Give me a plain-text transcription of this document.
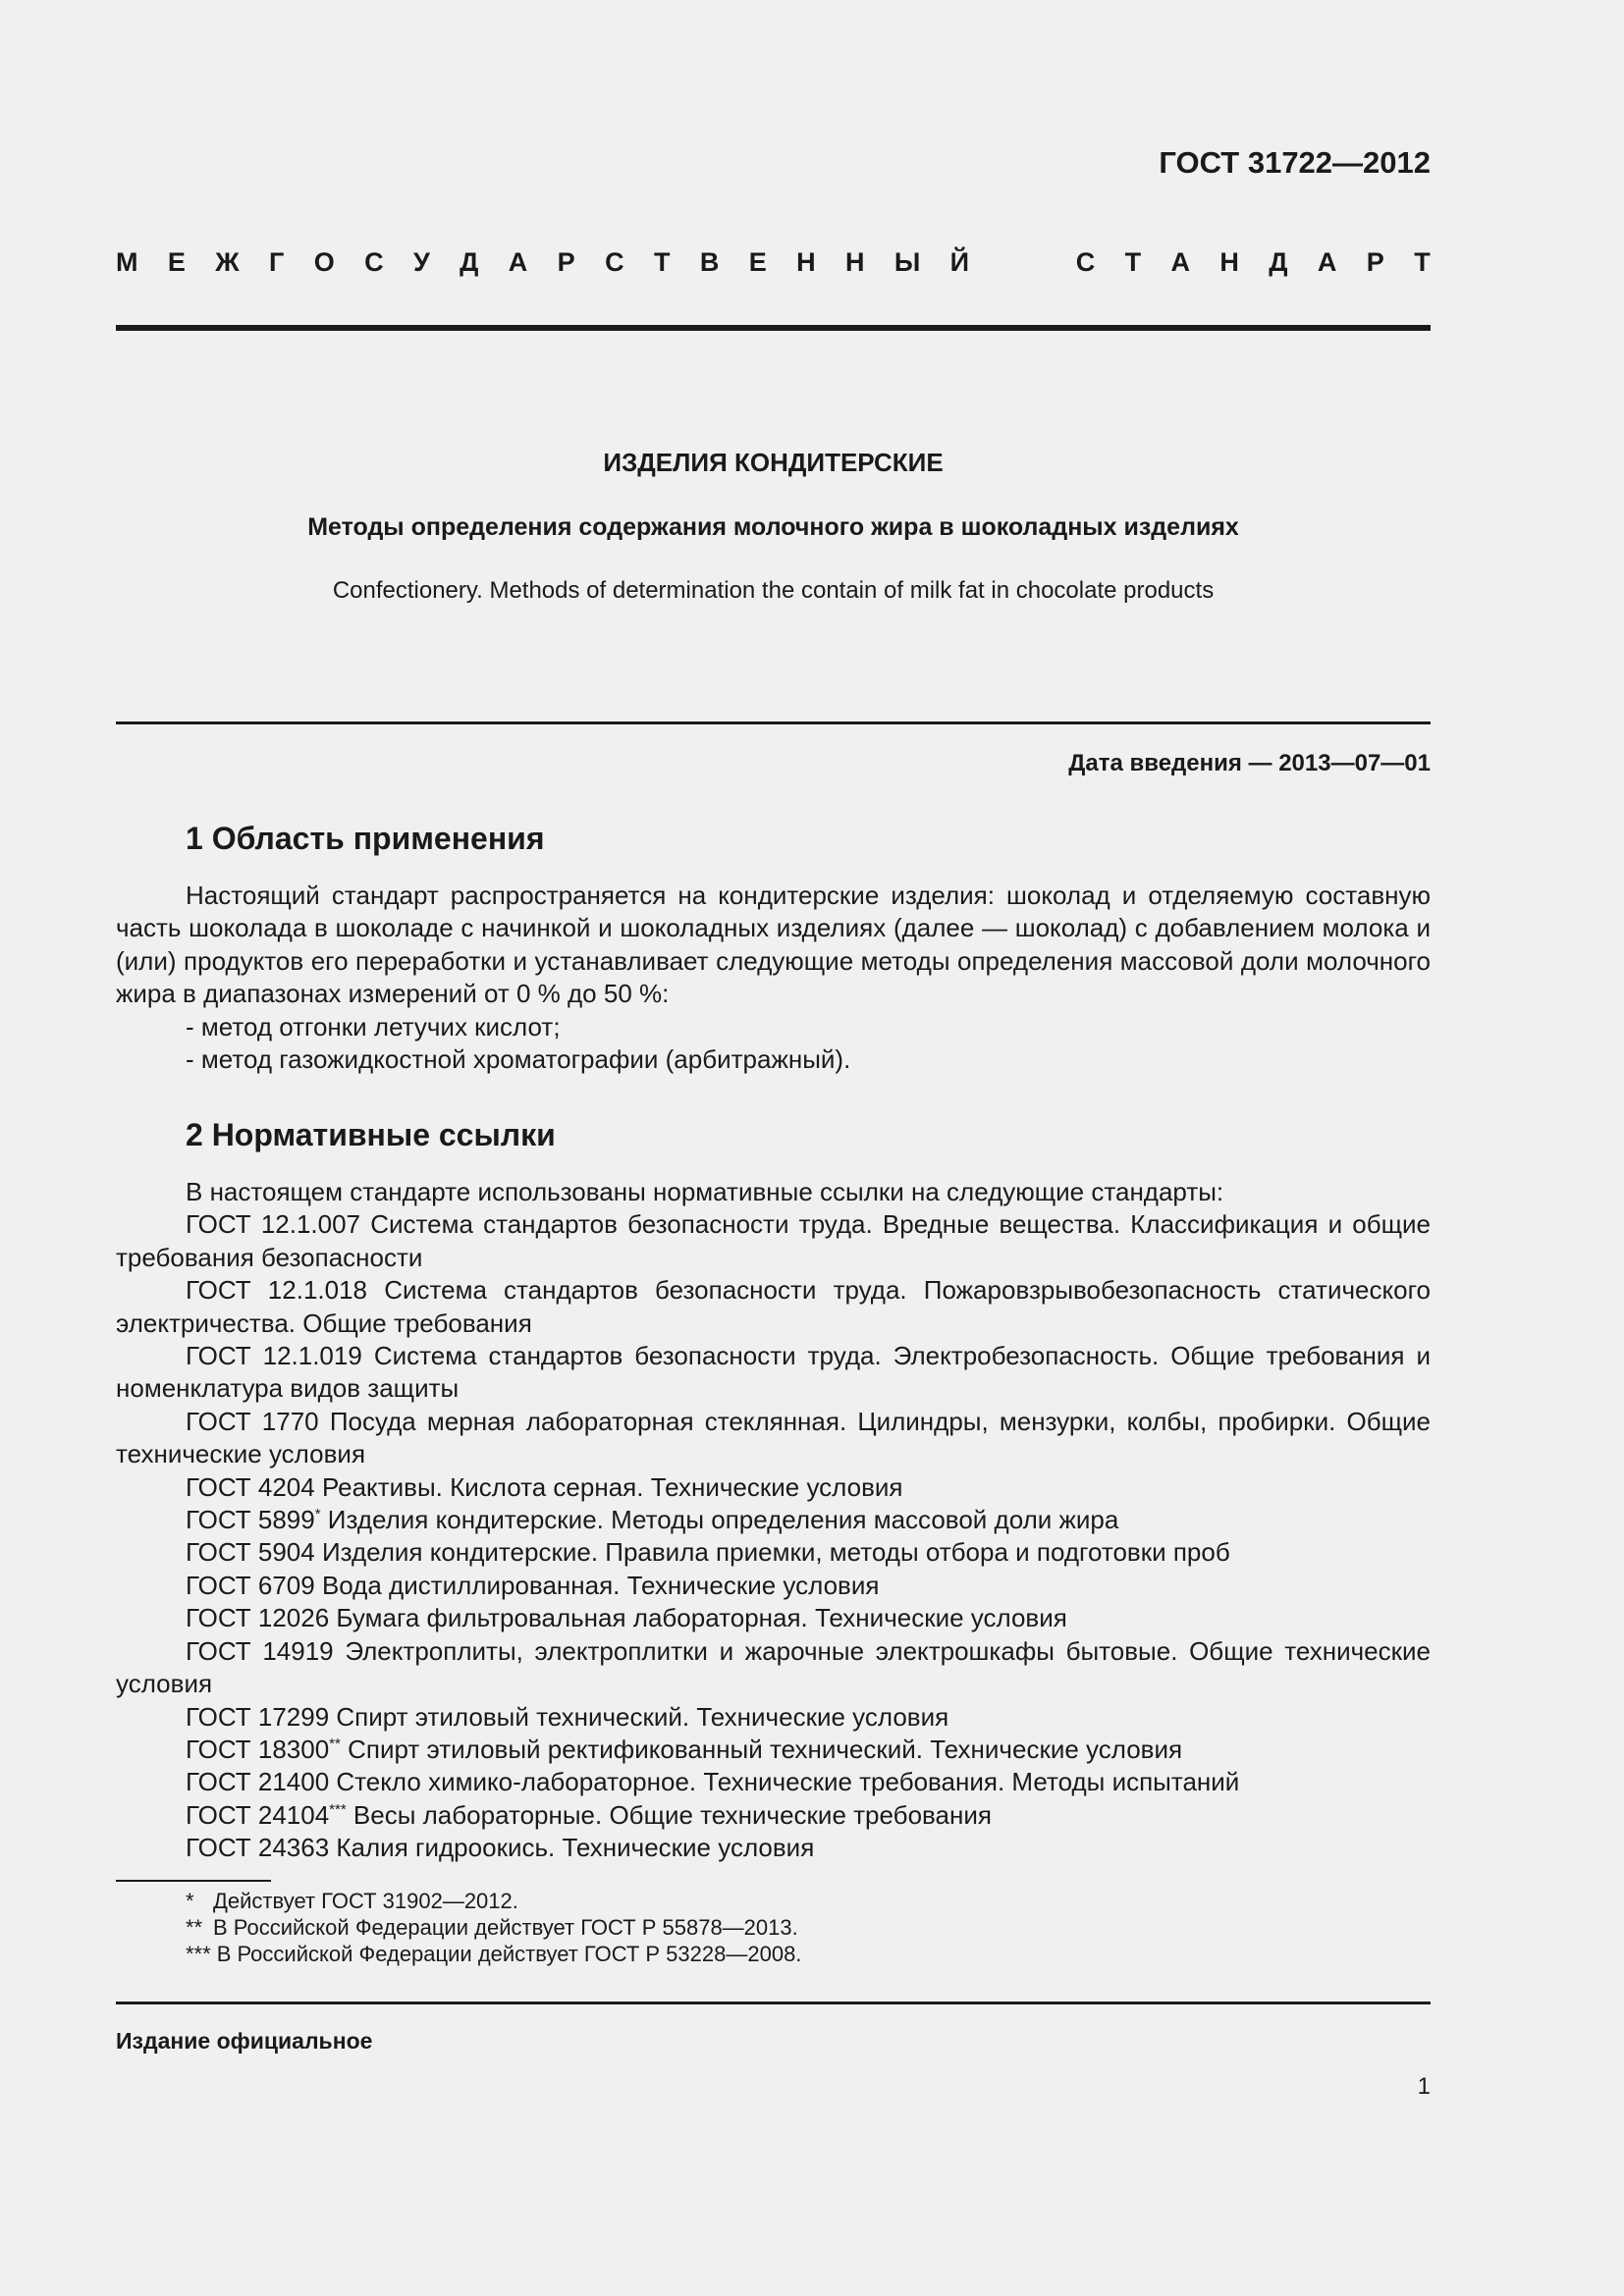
ГОСТ 31722—2012
М Е Ж Г О С У Д А Р С Т В Е Н Н Ы Й	С Т А Н Д А Р Т
ИЗДЕЛИЯ КОНДИТЕРСКИЕ
Методы определения содержания молочного жира в шоколадных изделиях
Confectionery. Methods of determination the contain of milk fat in chocolate products
Дата введения — 2013—07—01
1 Область применения

Настоящий стандарт распространяется на кондитерские изделия: шоколад и отделяемую составную часть шоколада в шоколаде с начинкой и шоколадных изделиях (далее — шоколад) с добавлением молока и (или) продуктов его переработки и устанавливает следующие методы определения массовой доли молочного жира в диапазонах измерений от 0 % до 50 %:

- метод отгонки летучих кислот;
- метод газожидкостной хроматографии (арбитражный).
2 Нормативные ссылки

В настоящем стандарте использованы нормативные ссылки на следующие стандарты:

ГОСТ 12.1.007 Система стандартов безопасности труда. Вредные вещества. Классификация и общие требования безопасности

ГОСТ 12.1.018 Система стандартов безопасности труда. Пожаровзрывобезопасность статического электричества. Общие требования

ГОСТ 12.1.019 Система стандартов безопасности труда. Электробезопасность. Общие требования и номенклатура видов защиты

ГОСТ 1770 Посуда мерная лабораторная стеклянная. Цилиндры, мензурки, колбы, пробирки. Общие технические условия

ГОСТ 4204 Реактивы. Кислота серная. Технические условия

ГОСТ 5899* Изделия кондитерские. Методы определения массовой доли жира

ГОСТ 5904 Изделия кондитерские. Правила приемки, методы отбора и подготовки проб

ГОСТ 6709 Вода дистиллированная. Технические условия

ГОСТ 12026 Бумага фильтровальная лабораторная. Технические условия

ГОСТ 14919 Электроплиты, электроплитки и жарочные электрошкафы бытовые. Общие технические условия

ГОСТ 17299 Спирт этиловый технический. Технические условия

ГОСТ 18300** Спирт этиловый ректификованный технический. Технические условия

ГОСТ 21400 Стекло химико-лабораторное. Технические требования. Методы испытаний

ГОСТ 24104*** Весы лабораторные. Общие технические требования

ГОСТ 24363 Калия гидроокись. Технические условия

* Действует ГОСТ 31902—2012.
** В Российской Федерации действует ГОСТ Р 55878—2013.
*** В Российской Федерации действует ГОСТ Р 53228—2008.
Издание официальное
1
